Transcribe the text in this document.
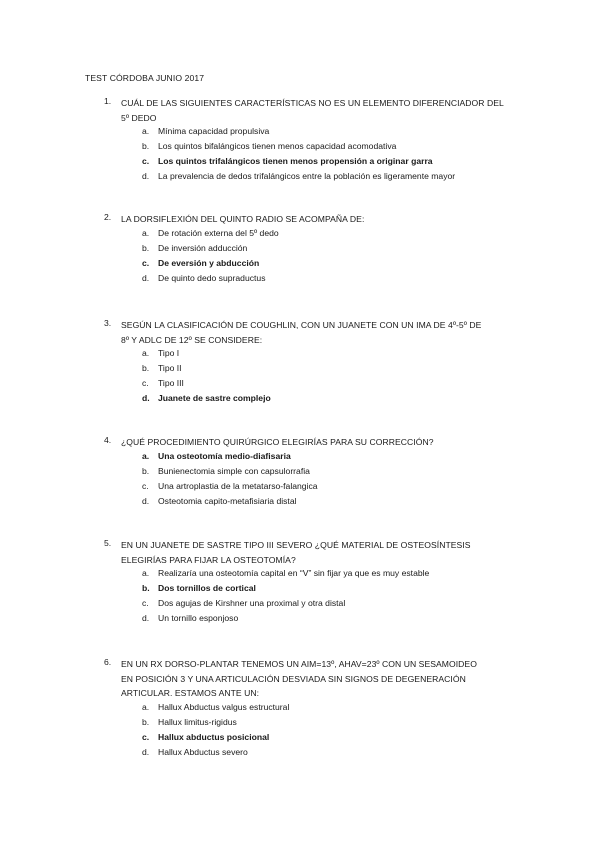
TEST CÓRDOBA JUNIO 2017
1. CUÁL DE LAS SIGUIENTES CARACTERÍSTICAS NO ES UN ELEMENTO DIFERENCIADOR DEL
5º DEDO
a. Mínima capacidad propulsiva
b. Los quintos bifalángicos tienen menos capacidad acomodativa
c. Los quintos trifalángicos tienen menos propensión a originar garra
d. La prevalencia de dedos trifalángicos entre la población es ligeramente mayor
2. LA DORSIFLEXIÓN DEL QUINTO RADIO SE ACOMPAÑA DE:
a. De rotación externa del 5º dedo
b. De inversión adducción
c. De eversión y abducción
d. De quinto dedo supraductus
3. SEGÚN LA CLASIFICACIÓN DE COUGHLIN, CON UN JUANETE CON UN IMA DE 4º-5º DE
8º Y ADLC DE 12º SE CONSIDERE:
a. Tipo I
b. Tipo II
c. Tipo III
d. Juanete de sastre complejo
4. ¿QUÉ PROCEDIMIENTO QUIRÚRGICO ELEGIRÍAS PARA SU CORRECCIÓN?
a. Una osteotomía medio-diafisaria
b. Bunienectomia simple con capsulorrafia
c. Una artroplastia de la metatarso-falangica
d. Osteotomia capito-metafisiaria distal
5. EN UN JUANETE DE SASTRE TIPO III SEVERO ¿QUÉ MATERIAL DE OSTEOSÍNTESIS
ELEGIRÍAS PARA FIJAR LA OSTEOTOMÍA?
a. Realizaría una osteotomía capital en “V” sin fijar ya que es muy estable
b. Dos tornillos de cortical
c. Dos agujas de Kirshner una proximal y otra distal
d. Un tornillo esponjoso
6. EN UN RX DORSO-PLANTAR TENEMOS UN AIM=13º, AHAV=23º CON UN SESAMOIDEO
EN POSICIÓN 3 Y UNA ARTICULACIÓN DESVIADA SIN SIGNOS DE DEGENERACIÓN
ARTICULAR. ESTAMOS ANTE UN:
a. Hallux Abductus valgus estructural
b. Hallux limitus-rigidus
c. Hallux abductus posicional
d. Hallux Abductus severo
